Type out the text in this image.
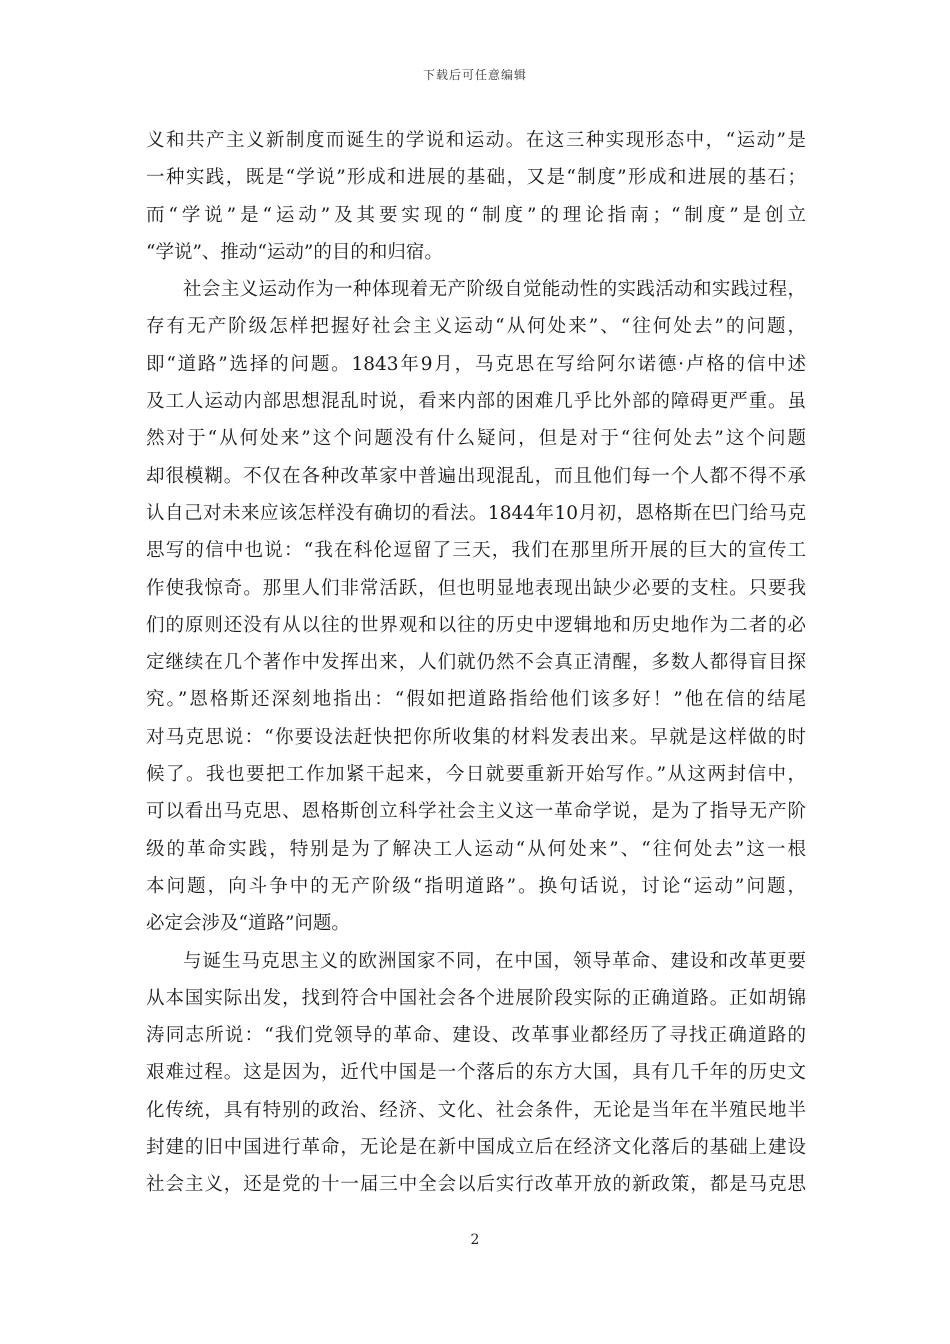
下载后可任意编辑
义和共产主义新制度而诞生的学说和运动。在这三种实现形态中，“运动”是
一种实践，既是“学说”形成和进展的基础，又是“制度”形成和进展的基石；
而“学说”是“运动”及其要实现的“制度”的理论指南；“制度”是创立
“学说”、推动“运动”的目的和归宿。
社会主义运动作为一种体现着无产阶级自觉能动性的实践活动和实践过程，
存有无产阶级怎样把握好社会主义运动“从何处来”、“往何处去”的问题，
即“道路”选择的问题。1843年9月，马克思在写给阿尔诺德·卢格的信中述
及工人运动内部思想混乱时说，看来内部的困难几乎比外部的障碍更严重。虽
然对于“从何处来”这个问题没有什么疑问，但是对于“往何处去”这个问题
却很模糊。不仅在各种改革家中普遍出现混乱，而且他们每一个人都不得不承
认自己对未来应该怎样没有确切的看法。1844年10月初，恩格斯在巴门给马克
思写的信中也说：“我在科伦逗留了三天，我们在那里所开展的巨大的宣传工
作使我惊奇。那里人们非常活跃，但也明显地表现出缺少必要的支柱。只要我
们的原则还没有从以往的世界观和以往的历史中逻辑地和历史地作为二者的必
定继续在几个著作中发挥出来，人们就仍然不会真正清醒，多数人都得盲目探
究。”恩格斯还深刻地指出：“假如把道路指给他们该多好！”他在信的结尾
对马克思说：“你要设法赶快把你所收集的材料发表出来。早就是这样做的时
候了。我也要把工作加紧干起来，今日就要重新开始写作。”从这两封信中，
可以看出马克思、恩格斯创立科学社会主义这一革命学说，是为了指导无产阶
级的革命实践，特别是为了解决工人运动“从何处来”、“往何处去”这一根
本问题，向斗争中的无产阶级“指明道路”。换句话说，讨论“运动”问题，
必定会涉及“道路”问题。
与诞生马克思主义的欧洲国家不同，在中国，领导革命、建设和改革更要
从本国实际出发，找到符合中国社会各个进展阶段实际的正确道路。正如胡锦
涛同志所说：“我们党领导的革命、建设、改革事业都经历了寻找正确道路的
艰难过程。这是因为，近代中国是一个落后的东方大国，具有几千年的历史文
化传统，具有特别的政治、经济、文化、社会条件，无论是当年在半殖民地半
封建的旧中国进行革命，无论是在新中国成立后在经济文化落后的基础上建设
社会主义，还是党的十一届三中全会以后实行改革开放的新政策，都是马克思
2
